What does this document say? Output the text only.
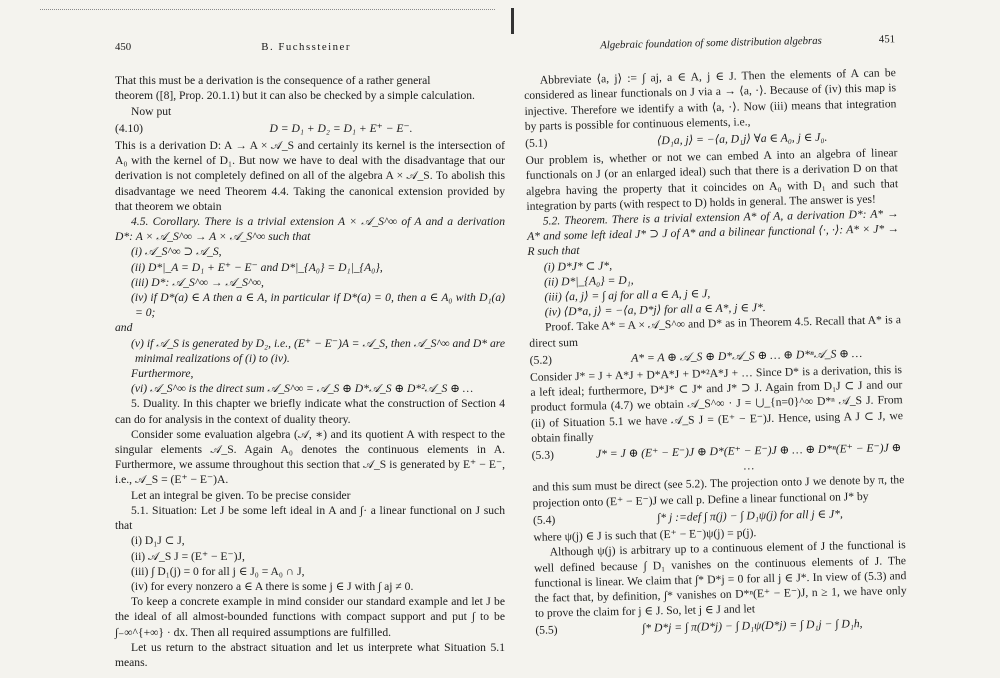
450	B. Fuchssteiner

That this must be a derivation is the consequence of a rather general

theorem ([8], Prop. 20.1.1) but it can also be checked by a simple calculation.

Now put

(4.10)	D = D₁ + D₂ = D₁ + E⁺ − E⁻.

This is a derivation D: A → A × 𝒜_S and certainly its kernel is the intersection of A₀ with the kernel of D₁. But now we have to deal with the disadvantage that our derivation is not completely defined on all of the algebra A × 𝒜_S. To abolish this disadvantage we need Theorem 4.4. Taking the canonical extension provided by that theorem we obtain

4.5. Corollary. There is a trivial extension A × 𝒜_S^∞ of A and a derivation D*: A × 𝒜_S^∞ → A × 𝒜_S^∞ such that

(i) 𝒜_S^∞ ⊃ 𝒜_S,

(ii) D*|_A = D₁ + E⁺ − E⁻ and D*|_{A₀} = D₁|_{A₀},

(iii) D*: 𝒜_S^∞ → 𝒜_S^∞,

(iv) if D*(a) ∈ A then a ∈ A, in particular if D*(a) = 0, then a ∈ A₀ with D₁(a) = 0;

and

(v) if 𝒜_S is generated by D₂, i.e., (E⁺ − E⁻)A = 𝒜_S, then 𝒜_S^∞ and D* are minimal realizations of (i) to (iv).

Furthermore,

(vi) 𝒜_S^∞ is the direct sum 𝒜_S^∞ = 𝒜_S ⊕ D*𝒜_S ⊕ D*²𝒜_S ⊕ …

5. Duality. In this chapter we briefly indicate what the construction of Section 4 can do for analysis in the context of duality theory.

Consider some evaluation algebra (𝒜, ∗) and its quotient A with respect to the singular elements 𝒜_S. Again A₀ denotes the continuous elements in A. Furthermore, we assume throughout this section that 𝒜_S is generated by E⁺ − E⁻, i.e., 𝒜_S = (E⁺ − E⁻)A.

Let an integral be given. To be precise consider

5.1. Situation: Let J be some left ideal in A and ∫· a linear functional on J such that

(i) D₁J ⊂ J,

(ii) 𝒜_S J = (E⁺ − E⁻)J,

(iii) ∫ D₁(j) = 0 for all j ∈ J₀ = A₀ ∩ J,

(iv) for every nonzero a ∈ A there is some j ∈ J with ∫ aj ≠ 0.

To keep a concrete example in mind consider our standard example and let J be the ideal of all almost-bounded functions with compact support and put ∫ to be ∫₋∞^{+∞} · dx. Then all required assumptions are fulfilled.

Let us return to the abstract situation and let us interprete what Situation 5.1 means.

Algebraic foundation of some distribution algebras	451

Abbreviate ⟨a, j⟩ := ∫ aj, a ∈ A, j ∈ J. Then the elements of A can be considered as linear functionals on J via a → ⟨a, ·⟩. Because of (iv) this map is injective. Therefore we identify a with ⟨a, ·⟩. Now (iii) means that integration by parts is possible for continuous elements, i.e.,

(5.1)	⟨D₁a, j⟩ = −⟨a, D₁j⟩ ∀a ∈ A₀, j ∈ J₀.

Our problem is, whether or not we can embed A into an algebra of linear functionals on J (or an enlarged ideal) such that there is a derivation D on that algebra having the property that it coincides on A₀ with D₁ and such that integration by parts (with respect to D) holds in general. The answer is yes!

5.2. Theorem. There is a trivial extension A* of A, a derivation D*: A* → A* and some left ideal J* ⊃ J of A* and a bilinear functional ⟨·, ·⟩: A* × J* → R such that

(i) D*J* ⊂ J*,

(ii) D*|_{A₀} = D₁,

(iii) ⟨a, j⟩ = ∫ aj for all a ∈ A, j ∈ J,

(iv) ⟨D*a, j⟩ = −⟨a, D*j⟩ for all a ∈ A*, j ∈ J*.

Proof. Take A* = A × 𝒜_S^∞ and D* as in Theorem 4.5. Recall that A* is a direct sum

(5.2)	A* = A ⊕ 𝒜_S ⊕ D*𝒜_S ⊕ … ⊕ D*ⁿ𝒜_S ⊕ …

Consider J* = J + A*J + D*A*J + D*²A*J + … Since D* is a derivation, this is a left ideal; furthermore, D*J* ⊂ J* and J* ⊃ J. Again from D₁J ⊂ J and our product formula (4.7) we obtain 𝒜_S^∞ · J = ⋃_{n=0}^∞ D*ⁿ 𝒜_S J. From (ii) of Situation 5.1 we have 𝒜_S J = (E⁺ − E⁻)J. Hence, using A J ⊂ J, we obtain finally

(5.3)	J* = J ⊕ (E⁺ − E⁻)J ⊕ D*(E⁺ − E⁻)J ⊕ … ⊕ D*ⁿ(E⁺ − E⁻)J ⊕ …

and this sum must be direct (see 5.2). The projection onto J we denote by π, the projection onto (E⁺ − E⁻)J we call p. Define a linear functional on J* by

(5.4)	∫* j :=def ∫ π(j) − ∫ D₁ψ(j) for all j ∈ J*,

where ψ(j) ∈ J is such that (E⁺ − E⁻)ψ(j) = p(j).

Although ψ(j) is arbitrary up to a continuous element of J the functional is well defined because ∫ D₁ vanishes on the continuous elements of J. The functional is linear. We claim that ∫* D*j = 0 for all j ∈ J*. In view of (5.3) and the fact that, by definition, ∫* vanishes on D*ⁿ(E⁺ − E⁻)J, n ≥ 1, we have only to prove the claim for j ∈ J. So, let j ∈ J and let

(5.5)	∫* D*j = ∫ π(D*j) − ∫ D₁ψ(D*j) = ∫ D₁j − ∫ D₁h,
